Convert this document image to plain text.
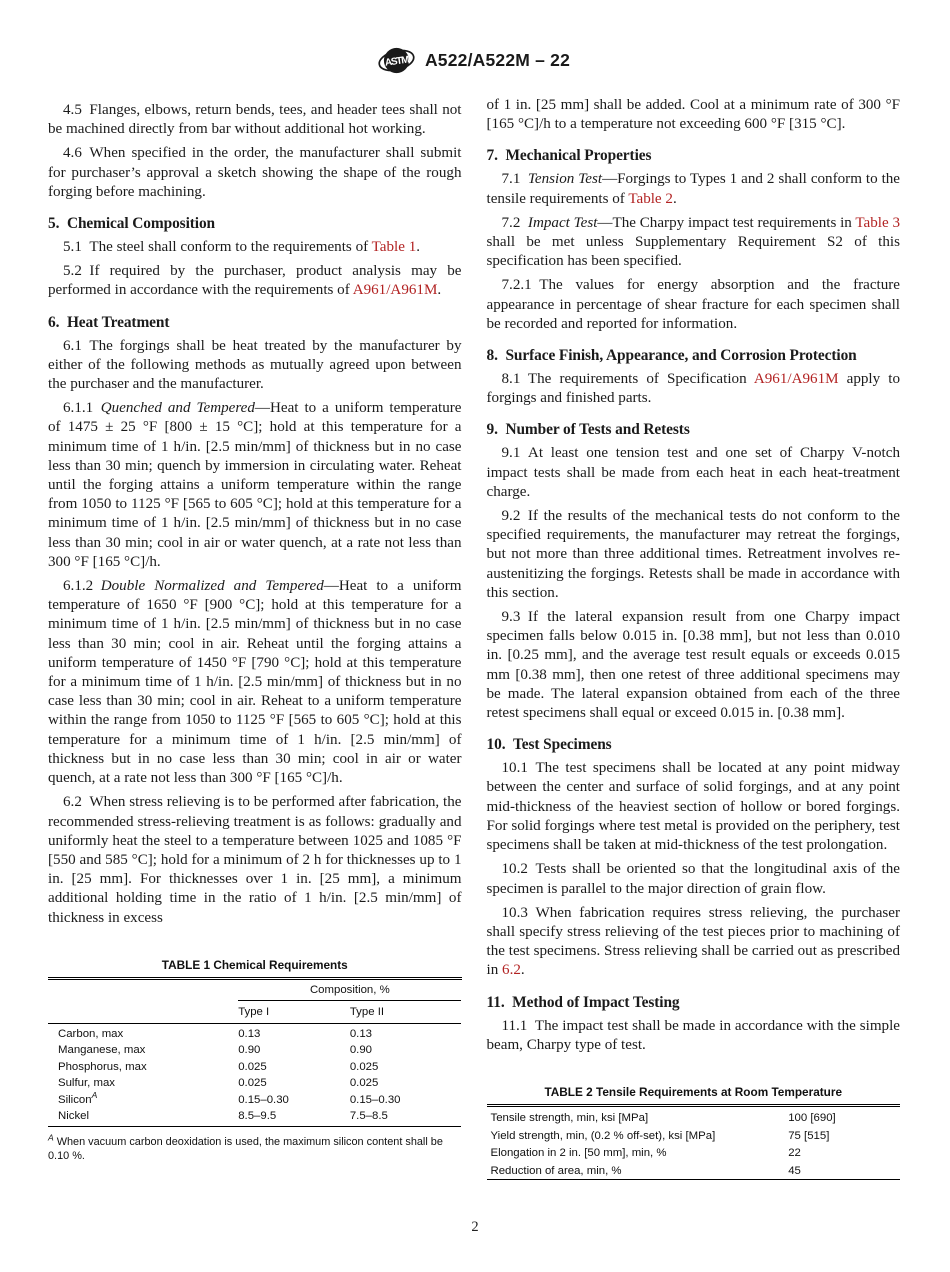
ASTM A522/A522M – 22

4.5 Flanges, elbows, return bends, tees, and header tees shall not be machined directly from bar without additional hot working.

4.6 When specified in the order, the manufacturer shall submit for purchaser’s approval a sketch showing the shape of the rough forging before machining.

5. Chemical Composition

5.1 The steel shall conform to the requirements of Table 1.

5.2 If required by the purchaser, product analysis may be performed in accordance with the requirements of A961/A961M.

6. Heat Treatment

6.1 The forgings shall be heat treated by the manufacturer by either of the following methods as mutually agreed upon between the purchaser and the manufacturer.

6.1.1 Quenched and Tempered—Heat to a uniform temperature of 1475 ± 25 °F [800 ± 15 °C]; hold at this temperature for a minimum time of 1 h/in. [2.5 min/mm] of thickness but in no case less than 30 min; quench by immersion in circulating water. Reheat until the forging attains a uniform temperature within the range from 1050 to 1125 °F [565 to 605 °C]; hold at this temperature for a minimum time of 1 h/in. [2.5 min/mm] of thickness but in no case less than 30 min; cool in air or water quench, at a rate not less than 300 °F [165 °C]/h.

6.1.2 Double Normalized and Tempered—Heat to a uniform temperature of 1650 °F [900 °C]; hold at this temperature for a minimum time of 1 h/in. [2.5 min/mm] of thickness but in no case less than 30 min; cool in air. Reheat until the forging attains a uniform temperature of 1450 °F [790 °C]; hold at this temperature for a minimum time of 1 h/in. [2.5 min/mm] of thickness but in no case less than 30 min; cool in air. Reheat to a uniform temperature within the range from 1050 to 1125 °F [565 to 605 °C]; hold at this temperature for a minimum time of 1 h/in. [2.5 min/mm] of thickness but in no case less than 30 min; cool in air or water quench, at a rate not less than 300 °F [165 °C]/h.

6.2 When stress relieving is to be performed after fabrication, the recommended stress-relieving treatment is as follows: gradually and uniformly heat the steel to a temperature between 1025 and 1085 °F [550 and 585 °C]; hold for a minimum of 2 h for thicknesses up to 1 in. [25 mm]. For thicknesses over 1 in. [25 mm], a minimum additional holding time in the ratio of 1 h/in. [2.5 min/mm] of thickness in excess

TABLE 1 Chemical Requirements
Composition, %
Type I	Type II
Carbon, max	0.13	0.13
Manganese, max	0.90	0.90
Phosphorus, max	0.025	0.025
Sulfur, max	0.025	0.025
Silicon$^A$	0.15–0.30	0.15–0.30
Nickel	8.5–9.5	7.5–8.5

$^A$ When vacuum carbon deoxidation is used, the maximum silicon content shall be 0.10 %.

of 1 in. [25 mm] shall be added. Cool at a minimum rate of 300 °F [165 °C]/h to a temperature not exceeding 600 °F [315 °C].

7. Mechanical Properties

7.1 Tension Test—Forgings to Types 1 and 2 shall conform to the tensile requirements of Table 2.

7.2 Impact Test—The Charpy impact test requirements in Table 3 shall be met unless Supplementary Requirement S2 of this specification has been specified.

7.2.1 The values for energy absorption and the fracture appearance in percentage of shear fracture for each specimen shall be recorded and reported for information.

8. Surface Finish, Appearance, and Corrosion Protection

8.1 The requirements of Specification A961/A961M apply to forgings and finished parts.

9. Number of Tests and Retests

9.1 At least one tension test and one set of Charpy V-notch impact tests shall be made from each heat in each heat-treatment charge.

9.2 If the results of the mechanical tests do not conform to the specified requirements, the manufacturer may retreat the forgings, but not more than three additional times. Retreatment involves re-austenitizing the forgings. Retests shall be made in accordance with this section.

9.3 If the lateral expansion result from one Charpy impact specimen falls below 0.015 in. [0.38 mm], but not less than 0.010 in. [0.25 mm], and the average test result equals or exceeds 0.015 mm [0.38 mm], then one retest of three additional specimens may be made. The lateral expansion obtained from each of the three retest specimens shall equal or exceed 0.015 in. [0.38 mm].

10. Test Specimens

10.1 The test specimens shall be located at any point midway between the center and surface of solid forgings, and at any point mid-thickness of the heaviest section of hollow or bored forgings. For solid forgings where test metal is provided on the periphery, test specimens shall be taken at mid-thickness of the test prolongation.

10.2 Tests shall be oriented so that the longitudinal axis of the specimen is parallel to the major direction of grain flow.

10.3 When fabrication requires stress relieving, the purchaser shall specify stress relieving of the test pieces prior to machining of the test specimens. Stress relieving shall be carried out as prescribed in 6.2.

11. Method of Impact Testing

11.1 The impact test shall be made in accordance with the simple beam, Charpy type of test.

TABLE 2 Tensile Requirements at Room Temperature
Tensile strength, min, ksi [MPa]	100 [690]
Yield strength, min, (0.2 % off-set), ksi [MPa]	75 [515]
Elongation in 2 in. [50 mm], min, %	22
Reduction of area, min, %	45
2
